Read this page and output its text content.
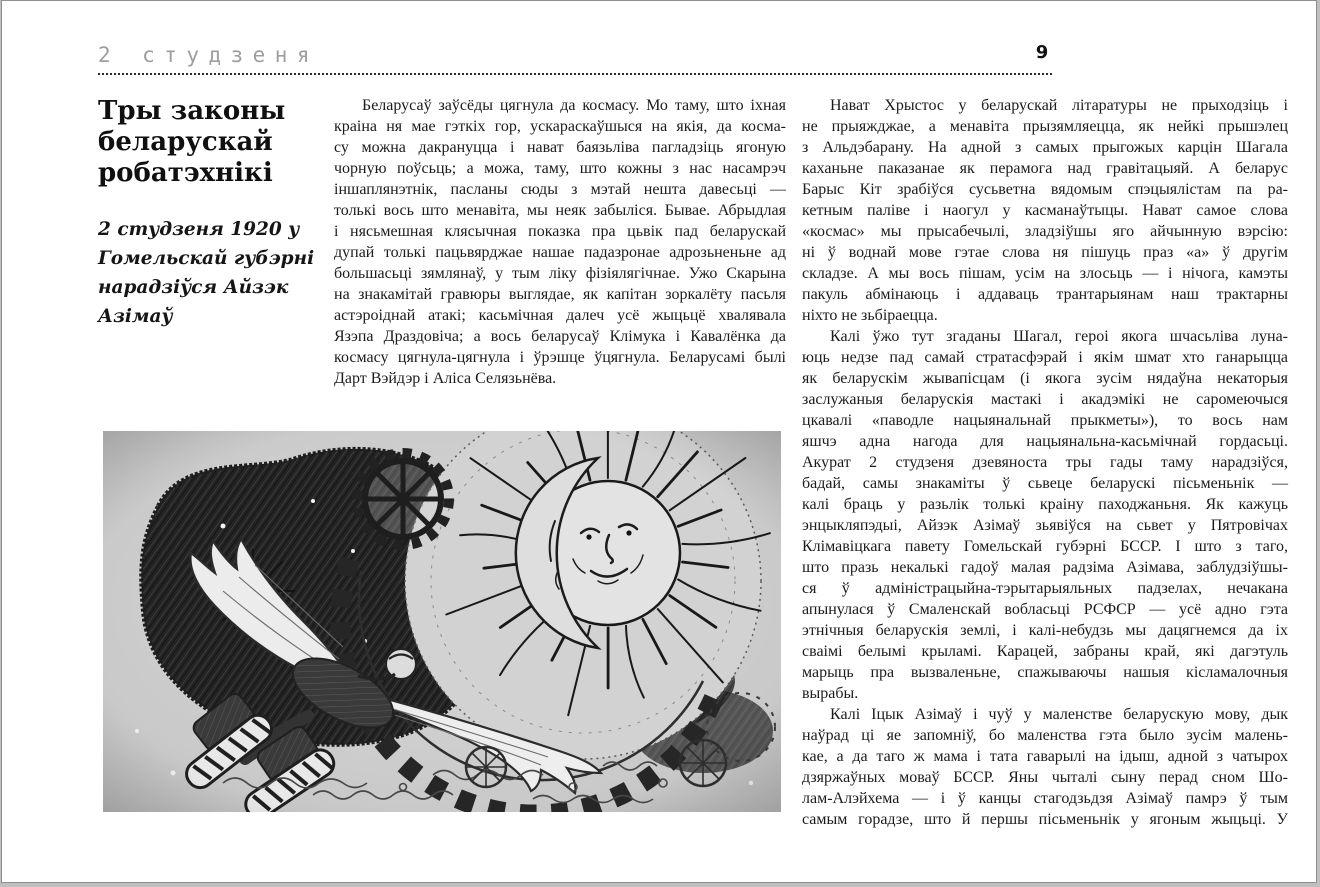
2 студзеня	9
Тры законы
беларускай
робатэхнікі
2 студзеня 1920 у
Гомельскай губэрні
нарадзіўся Айзэк
Азімаў
Беларусаў заўсёды цягнула да космасу. Мо таму, што іхная
краіна ня мае гэткіх гор, ускараскаўшыся на якія, да косма-
су можна дакрануцца і нават баязьліва пагладзіць ягоную
чорную поўсьць; а можа, таму, што кожны з нас насамрэч
іншаплянэтнік, пасланы сюды з мэтай нешта давесьці —
толькі вось што менавіта, мы неяк забыліся. Бывае. Абрыдлая
і нясьмешная клясычная показка пра цьвік пад беларускай
дупай толькі пацьвярджае нашае падазронае адрозьненьне ад
большасьці зямлянаў, у тым ліку фізіялягічнае. Ужо Скарына
на знакамітай гравюры выглядае, як капітан зоркалёту пасьля
астэроіднай атакі; касьмічная далеч усё жыцьцё хвалявала
Язэпа Драздовіча; а вось беларусаў Клімука і Кавалёнка да
космасу цягнула-цягнула і ўрэшце ўцягнула. Беларусамі былі
Дарт Вэйдэр і Аліса Селязьнёва.
Нават Хрыстос у беларускай літаратуры не прыходзіць і
не прыяжджае, а менавіта прызямляецца, як нейкі прышэлец
з Альдэбарану. На адной з самых прыгожых карцін Шагала
каханьне паказанае як перамога над гравітацыяй. А беларус
Барыс Кіт зрабіўся сусьветна вядомым спэцыялістам па ра-
кетным паліве і наогул у касманаўтыцы. Нават самое слова
«космас» мы прысабечылі, зладзіўшы яго айчынную вэрсію:
ні ў воднай мове гэтае слова ня пішуць праз «а» ў другім
складзе. А мы вось пішам, усім на злосьць — і нічога, камэты
пакуль абмінаюць і аддаваць трантарыянам наш трактарны
ніхто не зьбіраецца.
Калі ўжо тут згаданы Шагал, героі якога шчасьліва луна-
юць недзе пад самай стратасфэрай і якім шмат хто ганарыцца
як беларускім жывапісцам (і якога зусім нядаўна некаторыя
заслужаныя беларускія мастакі і акадэмікі не саромеючыся
цкавалі «паводле нацыянальнай прыкметы»), то вось нам
яшчэ адна нагода для нацыянальна-касьмічнай гордасьці.
Акурат 2 студзеня дзевяноста тры гады таму нарадзіўся,
бадай, самы знакаміты ў сьвеце беларускі пісьменьнік —
калі браць у разьлік толькі краіну паходжаньня. Як кажуць
энцыкляпэдыі, Айзэк Азімаў зьявіўся на сьвет у Пятровічах
Клімавіцкага павету Гомельскай губэрні БССР. І што з таго,
што празь некалькі гадоў малая радзіма Азімава, заблудзіўшы-
ся ў адміністрацыйна-тэрытарыяльных падзелах, нечакана
апынулася ў Смаленскай вобласьці РСФСР — усё адно гэта
этнічныя беларускія землі, і калі-небудзь мы дацягнемся да іх
сваімі белымі крыламі. Карацей, забраны край, які дагэтуль
марыць пра вызваленьне, спажываючы нашыя кісламалочныя
вырабы.
Калі Іцык Азімаў і чуў у маленстве беларускую мову, дык
наўрад ці яе запомніў, бо маленства гэта было зусім малень-
кае, а да таго ж мама і тата гаварылі на ідыш, адной з чатырох
дзяржаўных моваў БССР. Яны чыталі сыну перад сном Шо-
лам-Алэйхема — і ў канцы стагодзьдзя Азімаў памрэ ў тым
самым горадзе, што й першы пісьменьнік у ягоным жыцьці. У
